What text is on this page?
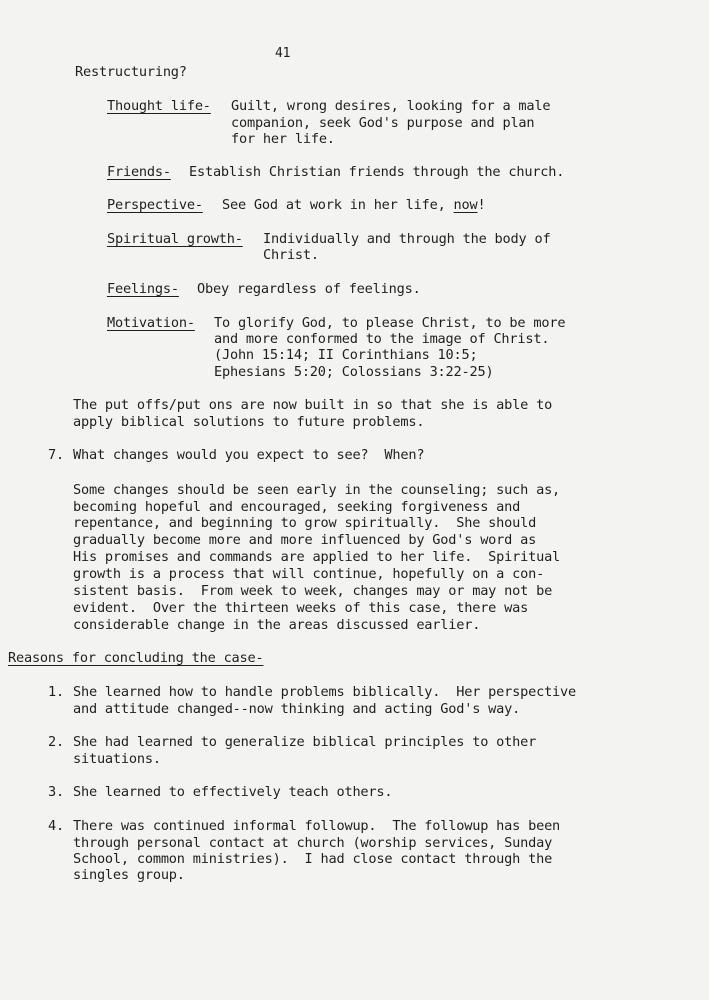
41
Restructuring?
Thought life- Guilt, wrong desires, looking for a male
companion, seek God's purpose and plan
for her life.
Friends- Establish Christian friends through the church.
Perspective- See God at work in her life, now!
Spiritual growth- Individually and through the body of
Christ.
Feelings- Obey regardless of feelings.
Motivation- To glorify God, to please Christ, to be more
and more conformed to the image of Christ.
(John 15:14; II Corinthians 10:5;
Ephesians 5:20; Colossians 3:22-25)
The put offs/put ons are now built in so that she is able to
apply biblical solutions to future problems.
7. What changes would you expect to see?  When?
Some changes should be seen early in the counseling; such as,
becoming hopeful and encouraged, seeking forgiveness and
repentance, and beginning to grow spiritually.  She should
gradually become more and more influenced by God's word as
His promises and commands are applied to her life.  Spiritual
growth is a process that will continue, hopefully on a con-
sistent basis.  From week to week, changes may or may not be
evident.  Over the thirteen weeks of this case, there was
considerable change in the areas discussed earlier.
Reasons for concluding the case-
1. She learned how to handle problems biblically.  Her perspective
and attitude changed--now thinking and acting God's way.
2. She had learned to generalize biblical principles to other
situations.
3. She learned to effectively teach others.
4. There was continued informal followup.  The followup has been
through personal contact at church (worship services, Sunday
School, common ministries).  I had close contact through the
singles group.
